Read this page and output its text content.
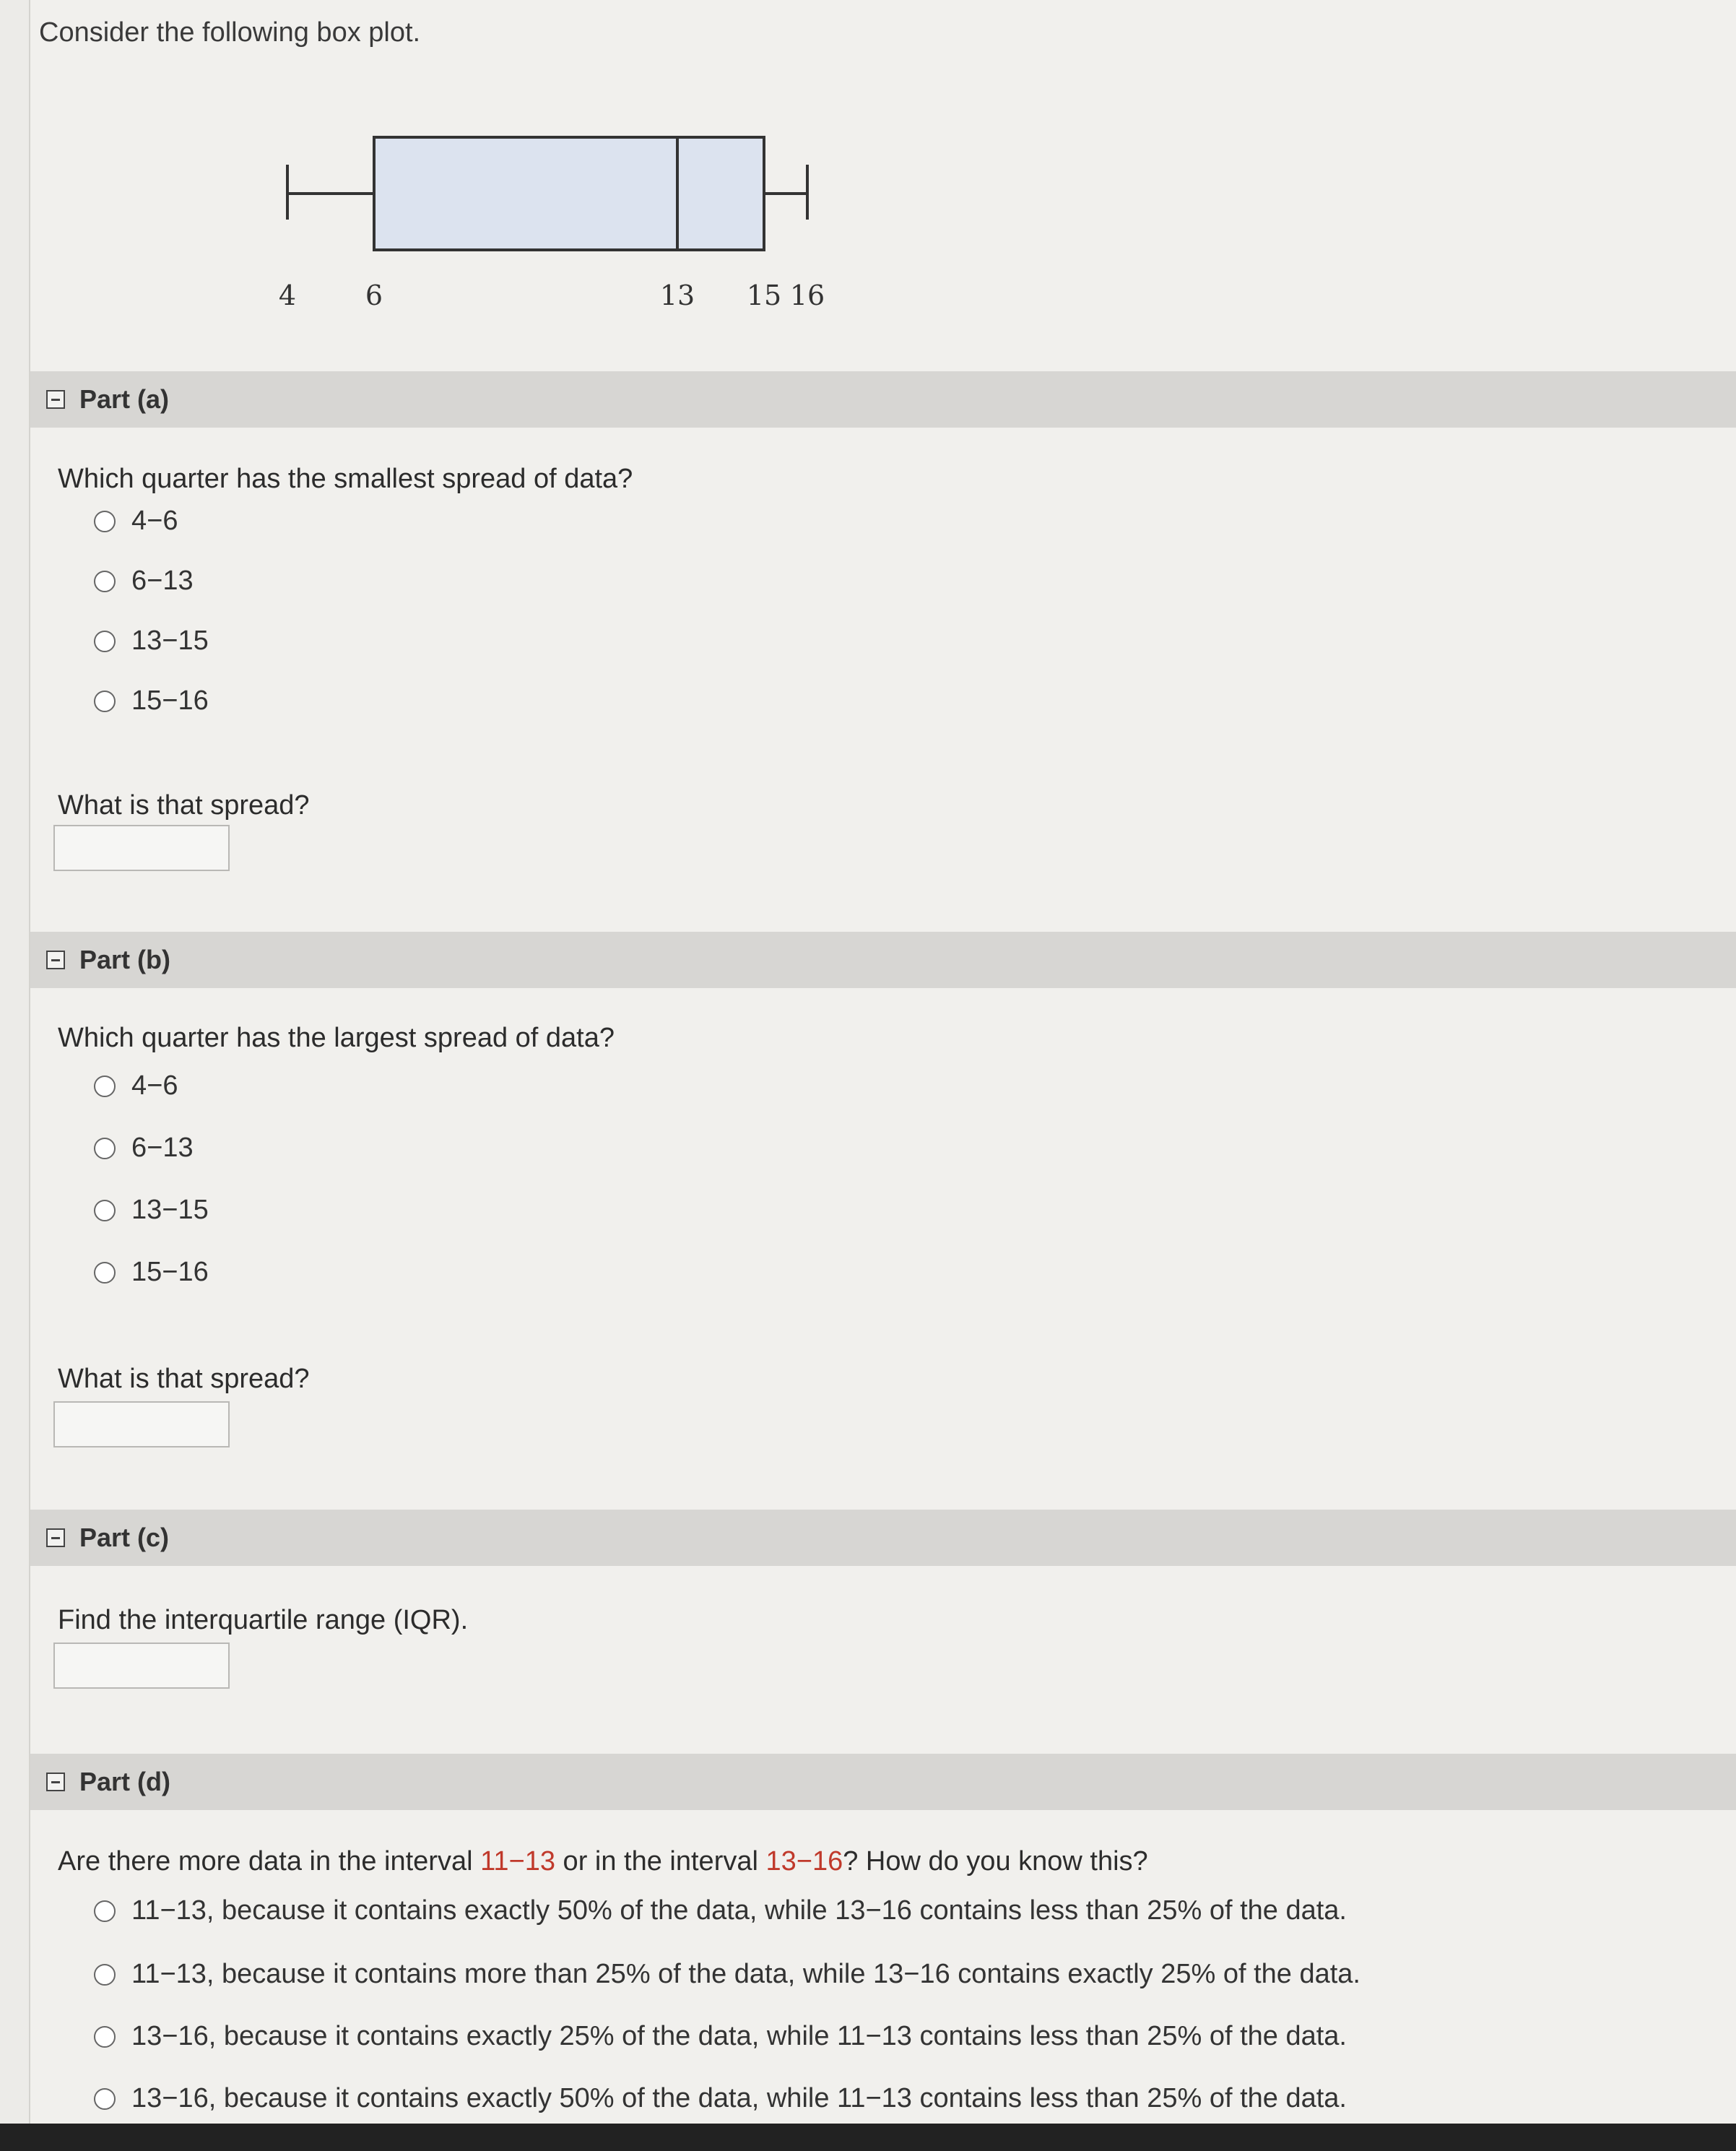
Consider the following box plot.
4	6	13 15 16
Part (a)
Which quarter has the smallest spread of data?
4−6
6−13
13−15
15−16
What is that spread?
Part (b)
Which quarter has the largest spread of data?
4−6
6−13
13−15
15−16
What is that spread?
Part (c)
Find the interquartile range (IQR).
Part (d)
Are there more data in the interval 11−13 or in the interval 13−16? How do you know this?
11−13, because it contains exactly 50% of the data, while 13−16 contains less than 25% of the data.
11−13, because it contains more than 25% of the data, while 13−16 contains exactly 25% of the data.
13−16, because it contains exactly 25% of the data, while 11−13 contains less than 25% of the data.
13−16, because it contains exactly 50% of the data, while 11−13 contains less than 25% of the data.
